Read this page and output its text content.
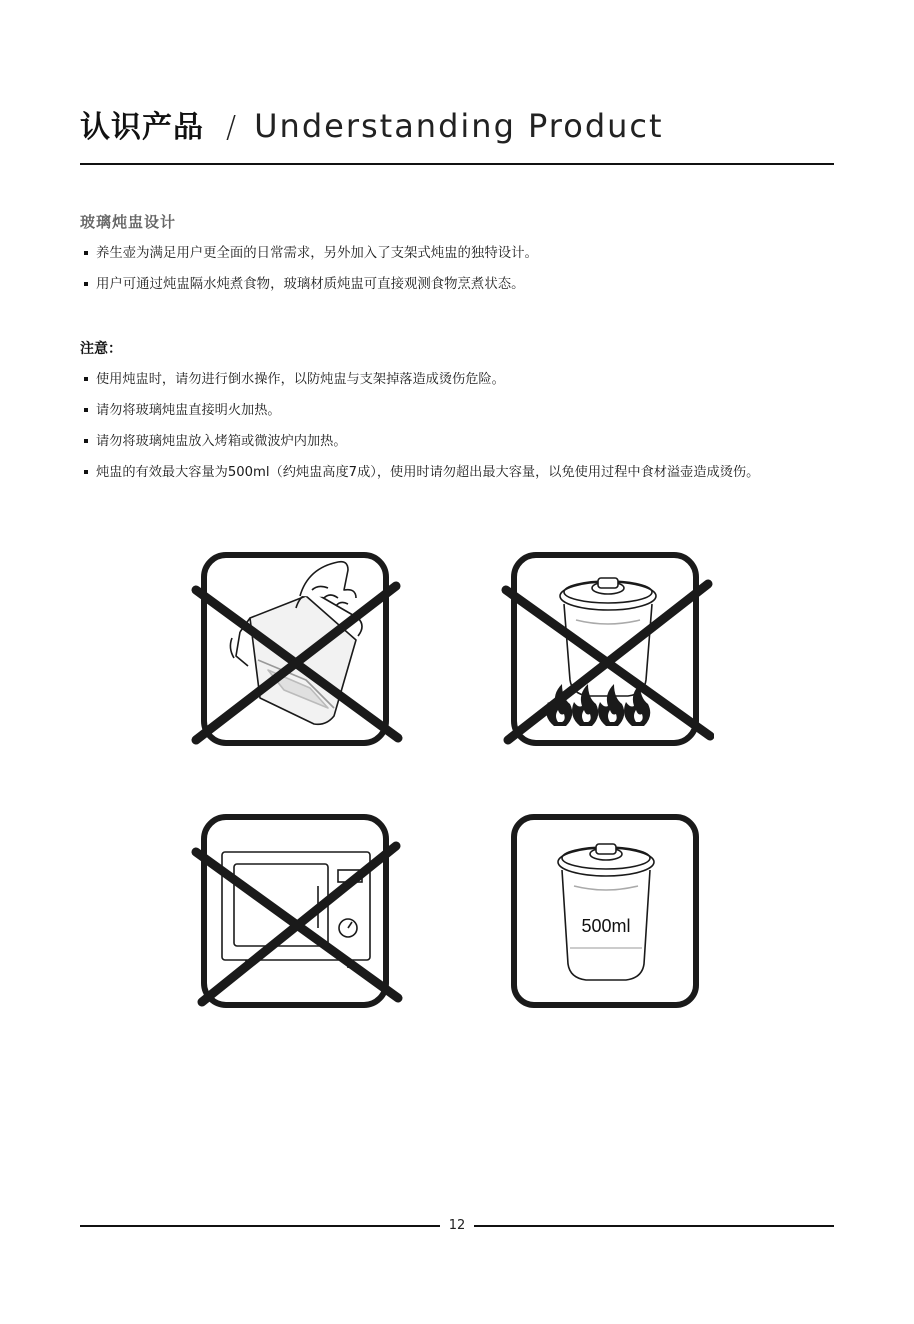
认识产品 / Understanding Product
玻璃炖盅设计
养生壶为满足用户更全面的日常需求，另外加入了支架式炖盅的独特设计。
用户可通过炖盅隔水炖煮食物，玻璃材质炖盅可直接观测食物烹煮状态。
注意：
使用炖盅时，请勿进行倒水操作，以防炖盅与支架掉落造成烫伤危险。
请勿将玻璃炖盅直接明火加热。
请勿将玻璃炖盅放入烤箱或微波炉内加热。
炖盅的有效最大容量为500ml（约炖盅高度7成），使用时请勿超出最大容量，以免使用过程中食材溢壶造成烫伤。
500ml
12
